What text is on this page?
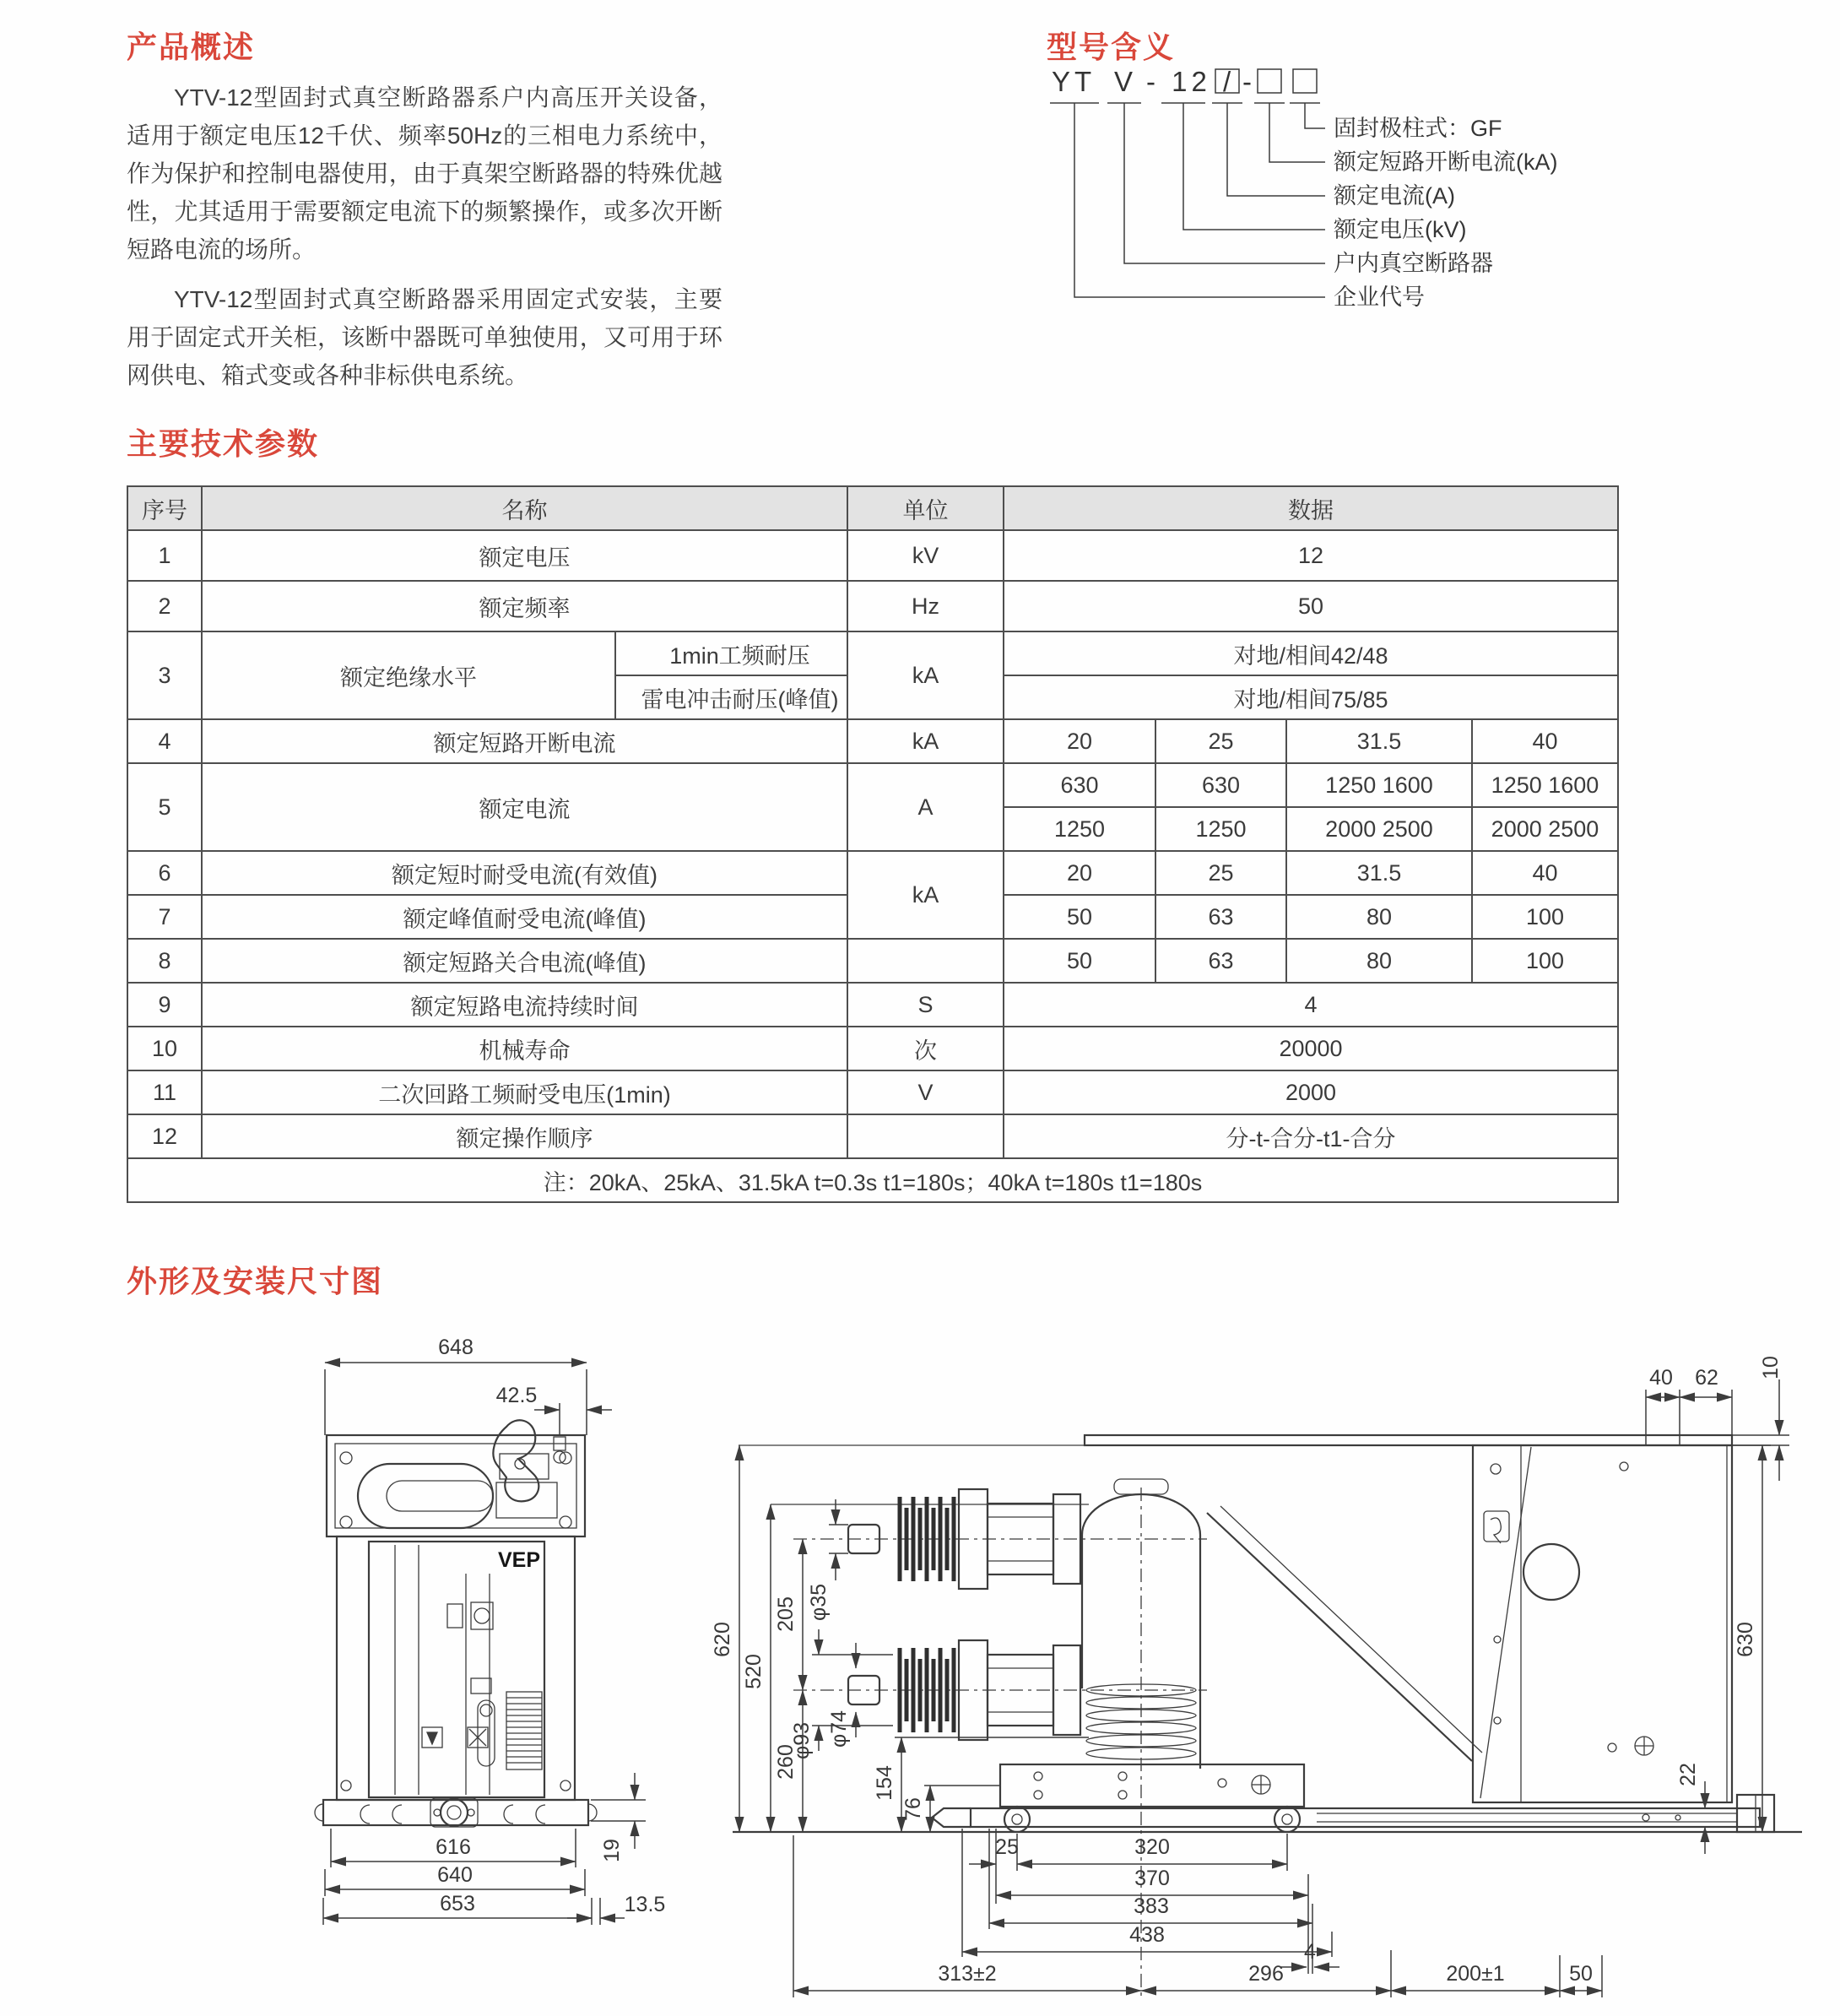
产品概述

YTV-12型固封式真空断路器系户内高压开关设备，适用于额定电压12千伏、频率50Hz的三相电力系统中，作为保护和控制电器使用，由于真架空断路器的特殊优越性，尤其适用于需要额定电流下的频繁操作，或多次开断短路电流的场所。

YTV-12型固封式真空断路器采用固定式安装，主要用于固定式开关柜，该断中器既可单独使用，又可用于环网供电、箱式变或各种非标供电系统。

型号含义
YT V - 12 / -
固封极柱式：GF
额定短路开断电流(kA)
额定电流(A)
额定电压(kV)
户内真空断路器
企业代号
主要技术参数
序号	名称		单位	数据			
1	额定电压		kV	12			
2	额定频率		Hz	50			
3	额定绝缘水平	1min工频耐压	kA	对地/相间42/48			
		雷电冲击耐压(峰值)		对地/相间75/85			
4	额定短路开断电流		kA	20	25	31.5	40
5	额定电流		A	630	630	1250 1600	1250 1600
				1250	1250	2000 2500	2000 2500
6	额定短时耐受电流(有效值)		kA	20	25	31.5	40
7	额定峰值耐受电流(峰值)			50	63	80	100
8	额定短路关合电流(峰值)			50	63	80	100
9	额定短路电流持续时间		S	4			
10	机械寿命		次	20000			
11	二次回路工频耐受电压(1min)		V	2000			
12	额定操作顺序			分-t-合分-t1-合分			
注：20kA、25kA、31.5kA t=0.3s t1=180s；40kA t=180s t1=180s							
外形及安装尺寸图
VEP
648
42.5
616
640
653
19
13.5
40 62 10
620
520
205
260
φ35
φ93 φ74
154
76
630
22
25	320
370
383
438
4
313±2	296	200±1	50
